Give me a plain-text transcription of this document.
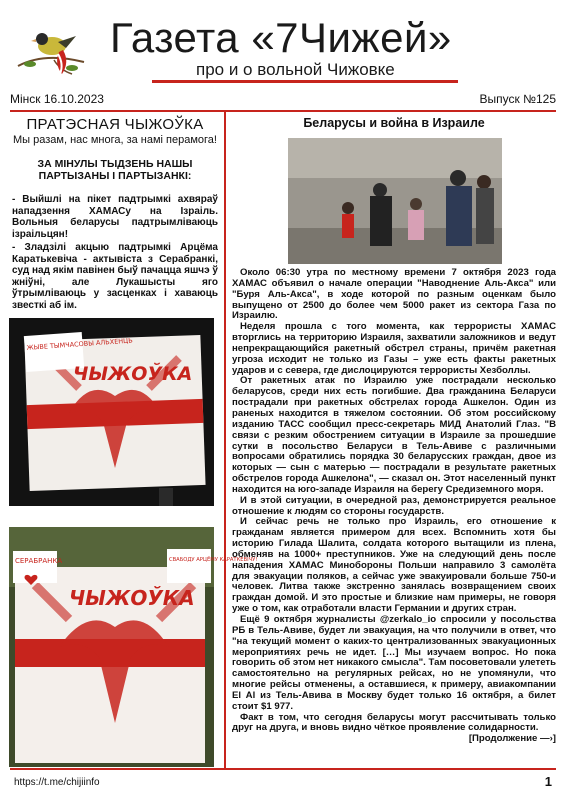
Газета «7Чижей»
про и о вольной Чижовке
Мінск 16.10.2023	Выпуск №125
ПРАТЭСНАЯ ЧЫЖОЎКА
Мы разам, нас многа, за намі перамога!
ЗА МІНУЛЫ ТЫДЗЕНЬ НАШЫ ПАРТЫЗАНЫ І ПАРТЫЗАНКІ:

- Выйшлі на пікет падтрымкі ахвяраў нападзення ХАМАСу на Ізраіль. Вольныя беларусы падтрымліваюць ізраільцян!

- Зладзілі акцыю падтрымкі Арцёма Каратькевіча - актывіста з Серабранкі, суд над якім павінен быў пачацца яшчэ ў жніўні, але Лукашысты яго ўтрымліваюць у засценках і хаваюць звесткі аб ім.

ЖЫВЕ ТЫМЧАСОВЫ АЛЬХЕНЦЬ
ЧЫЖОЎКА
ЧЫЖОЎКА
СЕРАБРАНКА	СВАБОДУ АРЦЁМУ КАРАТКЕВІЧУ!
Беларусы и война в Израиле

Около 06:30 утра по местному времени 7 октября 2023 года ХАМАС объявил о начале операции "Наводнение Аль-Акса" или "Буря Аль-Акса", в ходе которой по разным оценкам было выпущено от 2500 до более чем 5000 ракет из сектора Газа по Израилю.

Неделя прошла с того момента, как террористы ХАМАС вторглись на территорию Израиля, захватили заложников и ведут непрекращающийся ракетный обстрел страны, причём ракетная угроза исходит не только из Газы – уже есть факты ракетных ударов и с севера, где дислоцируются террористы Хезболлы.

От ракетных атак по Израилю уже пострадали несколько беларусов, среди них есть погибшие. Два гражданина Беларуси пострадали при ракетных обстрелах города Ашкелон. Один из раненых находится в тяжелом состоянии. Об этом российскому изданию ТАСС сообщил пресс-секретарь МИД Анатолий Глаз. "В связи с резким обострением ситуации в Израиле за прошедшие сутки в посольство Беларуси в Тель-Авиве с различными вопросами обратились порядка 30 беларусских граждан, двое из которых — сын с матерью — пострадали в результате ракетных обстрелов города Ашкелона", — сказал он. Этот населенный пункт находится на юго-западе Израиля на берегу Средиземного моря.

И в этой ситуации, в очередной раз, демонстрируется реальное отношение к людям со стороны государств.

И сейчас речь не только про Израиль, его отношение к гражданам является примером для всех. Вспомнить хотя бы историю Гилада Шалита, солдата которого вытащили из плена, обменяв на 1000+ преступников. Уже на следующий день после нападения ХАМАС Минобороны Польши направило 3 самолёта для эвакуации поляков, а сейчас уже эвакуировали больше 750-и человек. Литва также экстренно занялась возвращением своих граждан домой. И это простые и близкие нам примеры, не говоря уже о том, как отработали власти Германии и других стран.

Ещё 9 октября журналисты @zerkalo_io спросили у посольства РБ в Тель-Авиве, будет ли эвакуация, на что получили в ответ, что "на текущий момент о каких-то централизованных эвакуационных мероприятиях речь не идет. […] Мы изучаем вопрос. Но пока говорить об этом нет никакого смысла". Там посоветовали улететь самостоятельно на регулярных рейсах, но не упомянули, что многие рейсы отменены, а оставшиеся, к примеру, авиакомпании El Al из Тель-Авива в Москву будет только 16 октября, а билет стоит $1 977.

Факт в том, что сегодня беларусы могут рассчитывать только друг на друга, и вновь видно чёткое проявление солидарности.

[Продолжение —›]

https://t.me/chijiinfo	1
